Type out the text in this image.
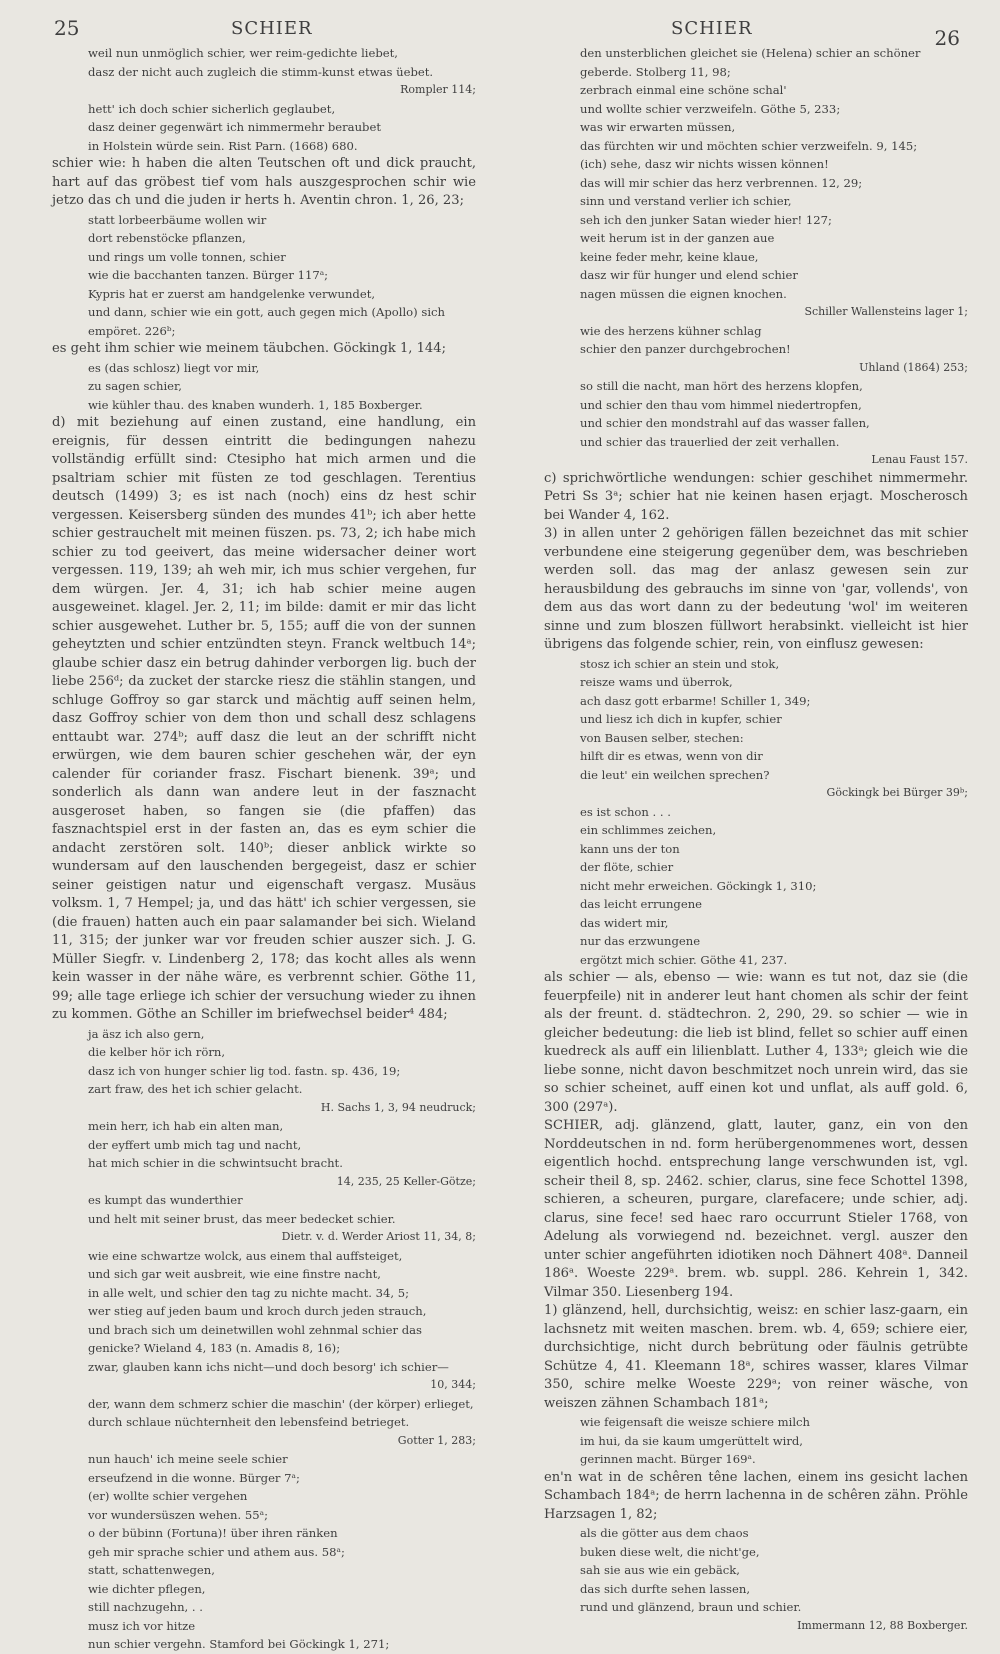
25	SCHIER	SCHIER	26

weil nun unmöglich schier, wer reim-gedichte liebet,

dasz der nicht auch zugleich die stimm-kunst etwas üebet.

Rompler 114;

hett' ich doch schier sicherlich geglaubet,

dasz deiner gegenwärt ich nimmermehr beraubet

in Holstein würde sein. Rist Parn. (1668) 680.

schier wie: h haben die alten Teutschen oft und dick praucht, hart auf das gröbest tief vom hals auszgesprochen schir wie jetzo das ch und die juden ir herts h. Aventin chron. 1, 26, 23;

statt lorbeerbäume wollen wir

dort rebenstöcke pflanzen,

und rings um volle tonnen, schier

wie die bacchanten tanzen. Bürger 117ᵃ;

Kypris hat er zuerst am handgelenke verwundet,

und dann, schier wie ein gott, auch gegen mich (Apollo) sich empöret. 226ᵇ;

es geht ihm schier wie meinem täubchen. Göckingk 1, 144;

es (das schlosz) liegt vor mir,

zu sagen schier,

wie kühler thau. des knaben wunderh. 1, 185 Boxberger.

d) mit beziehung auf einen zustand, eine handlung, ein ereignis, für dessen eintritt die bedingungen nahezu vollständig erfüllt sind: Ctesipho hat mich armen und die psaltriam schier mit füsten ze tod geschlagen. Terentius deutsch (1499) 3; es ist nach (noch) eins dz hest schir vergessen. Keisersberg sünden des mundes 41ᵇ; ich aber hette schier gestrauchelt mit meinen füszen. ps. 73, 2; ich habe mich schier zu tod geeivert, das meine widersacher deiner wort vergessen. 119, 139; ah weh mir, ich mus schier vergehen, fur dem würgen. Jer. 4, 31; ich hab schier meine augen ausgeweinet. klagel. Jer. 2, 11; im bilde: damit er mir das licht schier ausgewehet. Luther br. 5, 155; auff die von der sunnen geheytzten und schier entzündten steyn. Franck weltbuch 14ᵃ; glaube schier dasz ein betrug dahinder verborgen lig. buch der liebe 256ᵈ; da zucket der starcke riesz die stählin stangen, und schluge Goffroy so gar starck und mächtig auff seinen helm, dasz Goffroy schier von dem thon und schall desz schlagens enttaubt war. 274ᵇ; auff dasz die leut an der schrifft nicht erwürgen, wie dem bauren schier geschehen wär, der eyn calender für coriander frasz. Fischart bienenk. 39ᵃ; und sonderlich als dann wan andere leut in der fasznacht ausgeroset haben, so fangen sie (die pfaffen) das fasznachtspiel erst in der fasten an, das es eym schier die andacht zerstören solt. 140ᵇ; dieser anblick wirkte so wundersam auf den lauschenden bergegeist, dasz er schier seiner geistigen natur und eigenschaft vergasz. Musäus volksm. 1, 7 Hempel; ja, und das hätt' ich schier vergessen, sie (die frauen) hatten auch ein paar salamander bei sich. Wieland 11, 315; der junker war vor freuden schier auszer sich. J. G. Müller Siegfr. v. Lindenberg 2, 178; das kocht alles als wenn kein wasser in der nähe wäre, es verbrennt schier. Göthe 11, 99; alle tage erliege ich schier der versuchung wieder zu ihnen zu kommen. Göthe an Schiller im briefwechsel beider⁴ 484;

ja äsz ich also gern,

die kelber hör ich rörn,

dasz ich von hunger schier lig tod. fastn. sp. 436, 19;

zart fraw, des het ich schier gelacht.

H. Sachs 1, 3, 94 neudruck;

mein herr, ich hab ein alten man,

der eyffert umb mich tag und nacht,

hat mich schier in die schwintsucht bracht.

14, 235, 25 Keller-Götze;

es kumpt das wunderthier

und helt mit seiner brust, das meer bedecket schier.

Dietr. v. d. Werder Ariost 11, 34, 8;

wie eine schwartze wolck, aus einem thal auffsteiget,

und sich gar weit ausbreit, wie eine finstre nacht,

in alle welt, und schier den tag zu nichte macht. 34, 5;

wer stieg auf jeden baum und kroch durch jeden strauch,

und brach sich um deinetwillen wohl zehnmal schier das genicke? Wieland 4, 183 (n. Amadis 8, 16);

zwar, glauben kann ichs nicht—und doch besorg' ich schier—

10, 344;

der, wann dem schmerz schier die maschin' (der körper) erlieget,

durch schlaue nüchternheit den lebensfeind betrieget.

Gotter 1, 283;

nun hauch' ich meine seele schier

erseufzend in die wonne. Bürger 7ᵃ;

(er) wollte schier vergehen

vor wundersüszen wehen. 55ᵃ;

o der bübinn (Fortuna)! über ihren ränken

geh mir sprache schier und athem aus. 58ᵃ;

statt, schattenwegen,

wie dichter pflegen,

still nachzugehn, . .

musz ich vor hitze

nun schier vergehn. Stamford bei Göckingk 1, 271;

den unsterblichen gleichet sie (Helena) schier an schöner geberde. Stolberg 11, 98;

zerbrach einmal eine schöne schal'

und wollte schier verzweifeln. Göthe 5, 233;

was wir erwarten müssen,

das fürchten wir und möchten schier verzweifeln. 9, 145;

(ich) sehe, dasz wir nichts wissen können!

das will mir schier das herz verbrennen. 12, 29;

sinn und verstand verlier ich schier,

seh ich den junker Satan wieder hier! 127;

weit herum ist in der ganzen aue

keine feder mehr, keine klaue,

dasz wir für hunger und elend schier

nagen müssen die eignen knochen.

Schiller Wallensteins lager 1;

wie des herzens kühner schlag

schier den panzer durchgebrochen!

Uhland (1864) 253;

so still die nacht, man hört des herzens klopfen,

und schier den thau vom himmel niedertropfen,

und schier den mondstrahl auf das wasser fallen,

und schier das trauerlied der zeit verhallen.

Lenau Faust 157.

c) sprichwörtliche wendungen: schier geschihet nimmermehr. Petri Ss 3ᵃ; schier hat nie keinen hasen erjagt. Moscherosch bei Wander 4, 162.

3) in allen unter 2 gehörigen fällen bezeichnet das mit schier verbundene eine steigerung gegenüber dem, was beschrieben werden soll. das mag der anlasz gewesen sein zur herausbildung des gebrauchs im sinne von 'gar, vollends', von dem aus das wort dann zu der bedeutung 'wol' im weiteren sinne und zum bloszen füllwort herabsinkt. vielleicht ist hier übrigens das folgende schier, rein, von einflusz gewesen:

stosz ich schier an stein und stok,

reisze wams und überrok,

ach dasz gott erbarme! Schiller 1, 349;

und liesz ich dich in kupfer, schier

von Bausen selber, stechen:

hilft dir es etwas, wenn von dir

die leut' ein weilchen sprechen?

Göckingk bei Bürger 39ᵇ;

es ist schon . . .

ein schlimmes zeichen,

kann uns der ton

der flöte, schier

nicht mehr erweichen. Göckingk 1, 310;

das leicht errungene

das widert mir,

nur das erzwungene

ergötzt mich schier. Göthe 41, 237.

als schier — als, ebenso — wie: wann es tut not, daz sie (die feuerpfeile) nit in anderer leut hant chomen als schir der feint als der freunt. d. städtechron. 2, 290, 29. so schier — wie in gleicher bedeutung: die lieb ist blind, fellet so schier auff einen kuedreck als auff ein lilienblatt. Luther 4, 133ᵃ; gleich wie die liebe sonne, nicht davon beschmitzet noch unrein wird, das sie so schier scheinet, auff einen kot und unflat, als auff gold. 6, 300 (297ᵃ).

SCHIER, adj. glänzend, glatt, lauter, ganz, ein von den Norddeutschen in nd. form herübergenommenes wort, dessen eigentlich hochd. entsprechung lange verschwunden ist, vgl. scheir theil 8, sp. 2462. schier, clarus, sine fece Schottel 1398, schieren, a scheuren, purgare, clarefacere; unde schier, adj. clarus, sine fece! sed haec raro occurrunt Stieler 1768, von Adelung als vorwiegend nd. bezeichnet. vergl. auszer den unter schier angeführten idiotiken noch Dähnert 408ᵃ. Danneil 186ᵃ. Woeste 229ᵃ. brem. wb. suppl. 286. Kehrein 1, 342. Vilmar 350. Liesenberg 194.

1) glänzend, hell, durchsichtig, weisz: en schier lasz-gaarn, ein lachsnetz mit weiten maschen. brem. wb. 4, 659; schiere eier, durchsichtige, nicht durch bebrütung oder fäulnis getrübte Schütze 4, 41. Kleemann 18ᵃ, schires wasser, klares Vilmar 350, schire melke Woeste 229ᵃ; von reiner wäsche, von weiszen zähnen Schambach 181ᵃ;

wie feigensaft die weisze schiere milch

im hui, da sie kaum umgerüttelt wird,

gerinnen macht. Bürger 169ᵃ.

en'n wat in de schêren têne lachen, einem ins gesicht lachen Schambach 184ᵃ; de herrn lachenna in de schêren zähn. Pröhle Harzsagen 1, 82;

als die götter aus dem chaos

buken diese welt, die nicht'ge,

sah sie aus wie ein gebäck,

das sich durfte sehen lassen,

rund und glänzend, braun und schier.

Immermann 12, 88 Boxberger.
